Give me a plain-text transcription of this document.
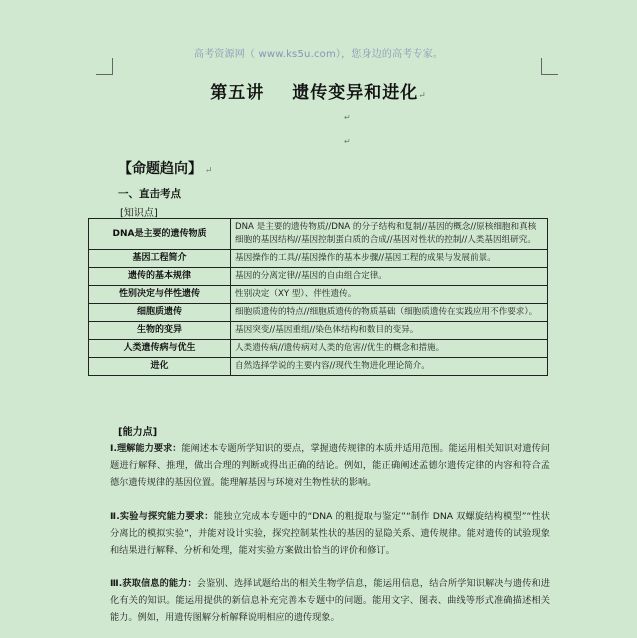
高考资源网（ www.ks5u.com），您身边的高考专家。
第五讲 遗传变异和进化↵
↵
↵
【命题趋向】 ↵
一、直击考点
[知识点]
DNA是主要的遗传物质	DNA 是主要的遗传物质//DNA 的分子结构和复制//基因的概念//原核细胞和真核细胞的基因结构//基因控制蛋白质的合成//基因对性状的控制//人类基因组研究。
基因工程简介	基因操作的工具//基因操作的基本步骤//基因工程的成果与发展前景。
遗传的基本规律	基因的分离定律//基因的自由组合定律。
性别决定与伴性遗传	性别决定（XY 型）、伴性遗传。
细胞质遗传	细胞质遗传的特点//细胞质遗传的物质基础（细胞质遗传在实践应用不作要求）。
生物的变异	基因突变//基因重组//染色体结构和数目的变异。
人类遗传病与优生	人类遗传病//遗传病对人类的危害//优生的概念和措施。
进化	自然选择学说的主要内容//现代生物进化理论简介。
[能力点]
Ⅰ.理解能力要求：能阐述本专题所学知识的要点，掌握遗传规律的本质并适用范围。能运用相关知识对遗传问题进行解释、推理，做出合理的判断或得出正确的结论。例如，能正确阐述孟德尔遗传定律的内容和符合孟德尔遗传规律的基因位置。能理解基因与环境对生物性状的影响。
Ⅱ.实验与探究能力要求：能独立完成本专题中的“DNA 的粗提取与鉴定”“制作 DNA 双螺旋结构模型”“性状分离比的模拟实验”，并能对设计实验，探究控制某性状的基因的显隐关系、遗传规律。能对遗传的试验现象和结果进行解释、分析和处理，能对实验方案做出恰当的评价和修订。
Ⅲ.获取信息的能力：会鉴别、选择试题给出的相关生物学信息，能运用信息，结合所学知识解决与遗传和进化有关的知识。能运用提供的新信息补充完善本专题中的问题。能用文字、图表、曲线等形式准确描述相关能力。例如，用遗传图解分析解释说明相应的遗传现象。
